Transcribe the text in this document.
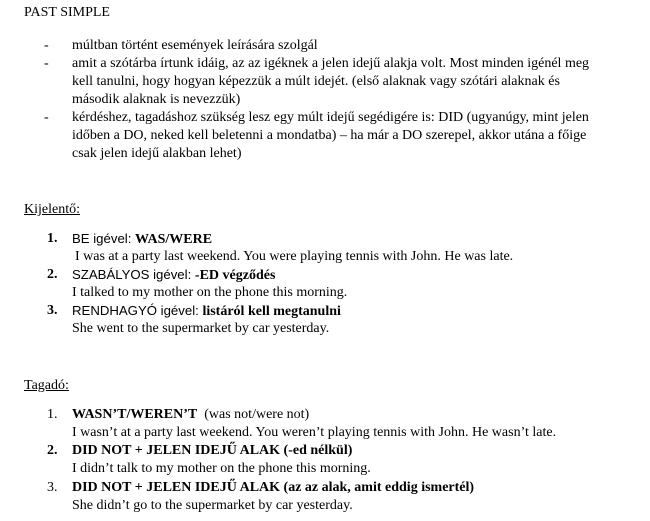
PAST SIMPLE
- múltban történt események leírására szolgál
- amit a szótárba írtunk idáig, az az igéknek a jelen idejű alakja volt. Most minden igénél meg
kell tanulni, hogy hogyan képezzük a múlt idejét. (első alaknak vagy szótári alaknak és
második alaknak is nevezzük)
- kérdéshez, tagadáshoz szükség lesz egy múlt idejű segédigére is: DID (ugyanúgy, mint jelen
időben a DO, neked kell beletenni a mondatba) – ha már a DO szerepel, akkor utána a főige
csak jelen idejű alakban lehet)
Kijelentő:
1. BE igével: WAS/WERE
I was at a party last weekend. You were playing tennis with John. He was late.
2. SZABÁLYOS igével: -ED végződés
I talked to my mother on the phone this morning.
3. RENDHAGYÓ igével: listáról kell megtanulni
She went to the supermarket by car yesterday.
Tagadó:
1. WASN’T/WEREN’T  (was not/were not)
I wasn’t at a party last weekend. You weren’t playing tennis with John. He wasn’t late.
2. DID NOT + JELEN IDEJŰ ALAK (-ed nélkül)
I didn’t talk to my mother on the phone this morning.
3. DID NOT + JELEN IDEJŰ ALAK (az az alak, amit eddig ismertél)
She didn’t go to the supermarket by car yesterday.
